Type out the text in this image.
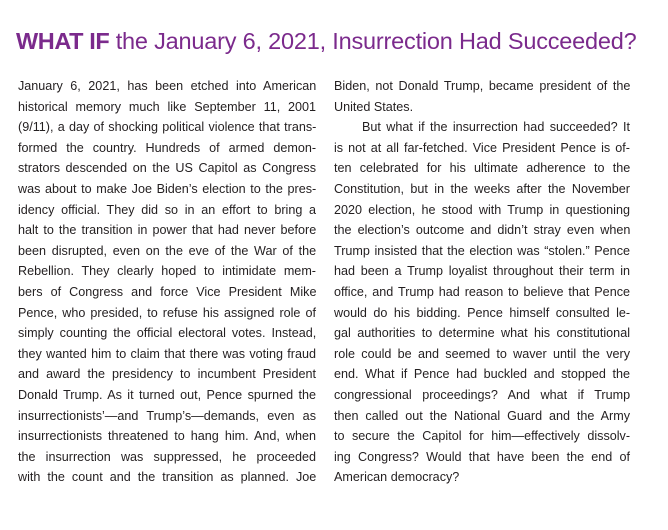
WHAT IF the January 6, 2021, Insurrection Had Succeeded?

January 6, 2021, has been etched into American
historical memory much like September 11, 2001
(9/11), a day of shocking political violence that trans-
formed the country. Hundreds of armed demon-
strators descended on the US Capitol as Congress
was about to make Joe Biden’s election to the pres-
idency official. They did so in an effort to bring a
halt to the transition in power that had never before
been disrupted, even on the eve of the War of the
Rebellion. They clearly hoped to intimidate mem-
bers of Congress and force Vice President Mike
Pence, who presided, to refuse his assigned role of
simply counting the official electoral votes. Instead,
they wanted him to claim that there was voting fraud
and award the presidency to incumbent President
Donald Trump. As it turned out, Pence spurned the
insurrectionists’—and Trump’s—demands, even as
insurrectionists threatened to hang him. And, when
the insurrection was suppressed, he proceeded
with the count and the transition as planned. Joe

Biden, not Donald Trump, became president of the
United States.

But what if the insurrection had succeeded? It
is not at all far-fetched. Vice President Pence is of-
ten celebrated for his ultimate adherence to the
Constitution, but in the weeks after the November
2020 election, he stood with Trump in questioning
the election’s outcome and didn’t stray even when
Trump insisted that the election was “stolen.” Pence
had been a Trump loyalist throughout their term in
office, and Trump had reason to believe that Pence
would do his bidding. Pence himself consulted le-
gal authorities to determine what his constitutional
role could be and seemed to waver until the very
end. What if Pence had buckled and stopped the
congressional proceedings? And what if Trump
then called out the National Guard and the Army
to secure the Capitol for him—effectively dissolv-
ing Congress? Would that have been the end of
American democracy?
